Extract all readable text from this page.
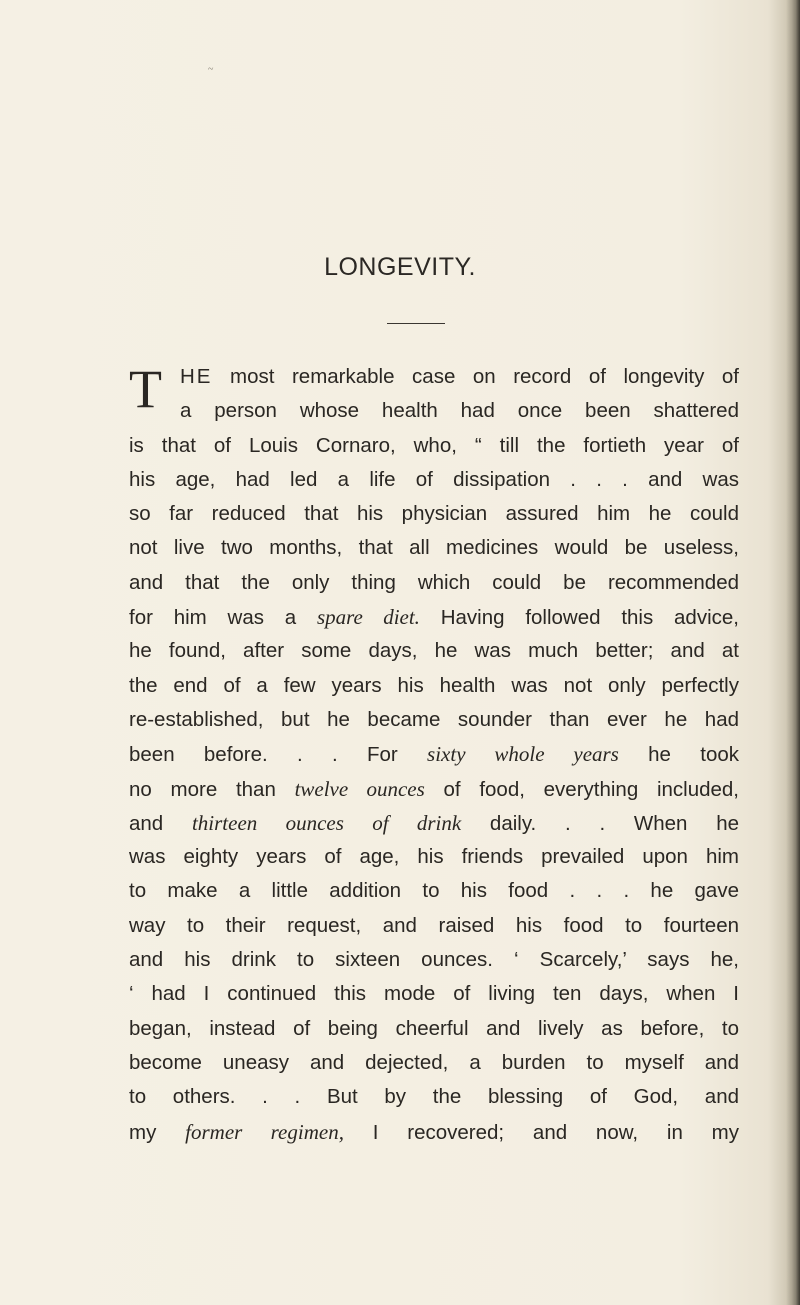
~
LONGEVITY.
T HE most remarkable case on record of longevity of
a person whose health had once been shattered
is that of Louis Cornaro, who, “ till the fortieth year of
his age, had led a life of dissipation . . . and was
so far reduced that his physician assured him he could
not live two months, that all medicines would be useless,
and that the only thing which could be recommended
for him was a spare diet. Having followed this advice,
he found, after some days, he was much better; and at
the end of a few years his health was not only perfectly
re-established, but he became sounder than ever he had
been before. . . For sixty whole years he took
no more than twelve ounces of food, everything included,
and thirteen ounces of drink daily. . . When he
was eighty years of age, his friends prevailed upon him
to make a little addition to his food . . . he gave
way to their request, and raised his food to fourteen
and his drink to sixteen ounces. ‘ Scarcely,’ says he,
‘ had I continued this mode of living ten days, when I
began, instead of being cheerful and lively as before, to
become uneasy and dejected, a burden to myself and
to others. . . But by the blessing of God, and
my former regimen, I recovered; and now, in my
